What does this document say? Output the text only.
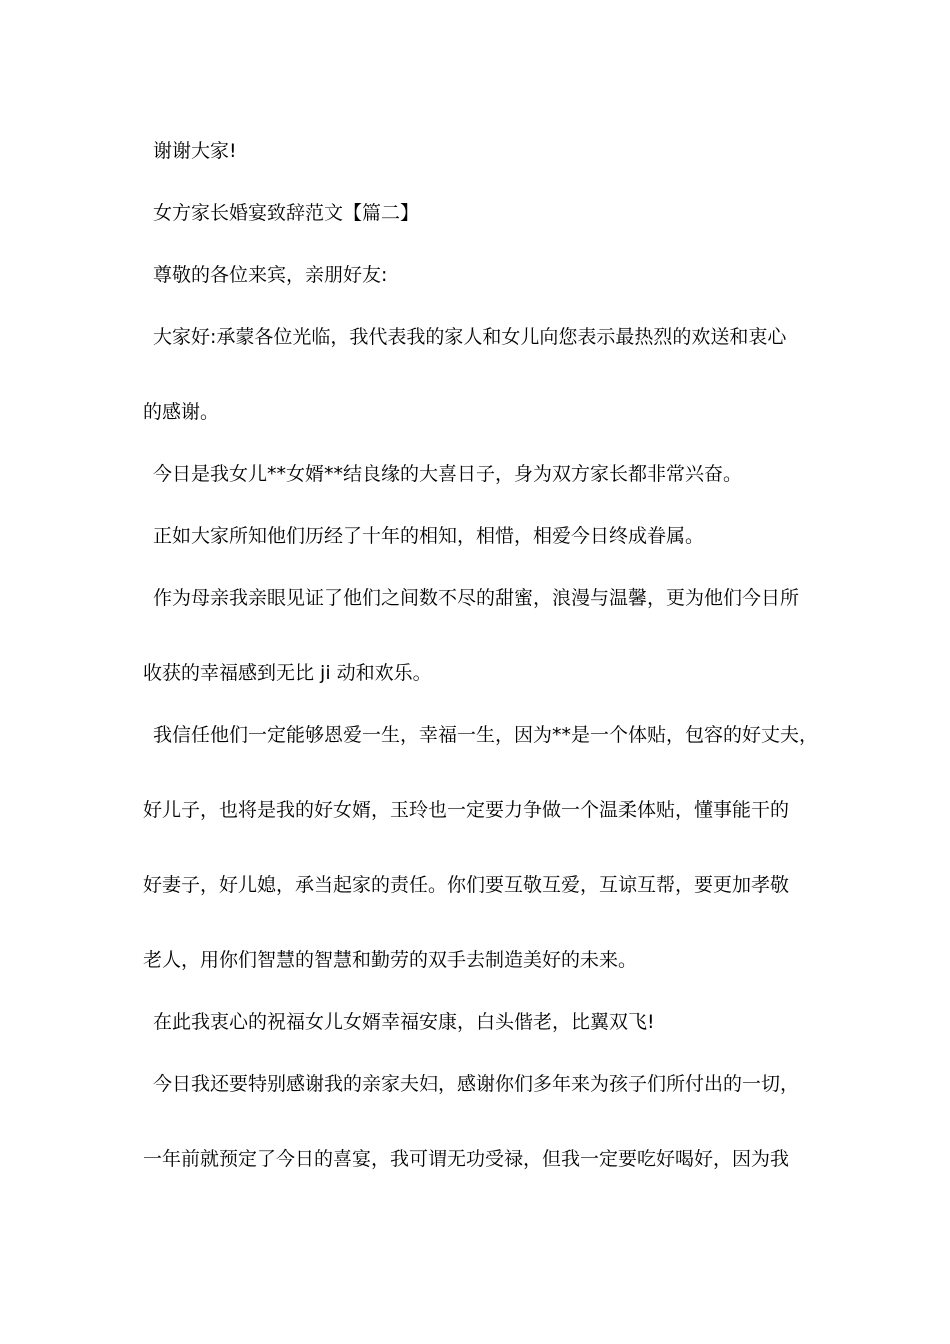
谢谢大家!
女方家长婚宴致辞范文【篇二】
尊敬的各位来宾，亲朋好友:
大家好:承蒙各位光临，我代表我的家人和女儿向您表示最热烈的欢送和衷心
的感谢。
今日是我女儿**女婿**结良缘的大喜日子，身为双方家长都非常兴奋。
正如大家所知他们历经了十年的相知，相惜，相爱今日终成眷属。
作为母亲我亲眼见证了他们之间数不尽的甜蜜，浪漫与温馨，更为他们今日所
收获的幸福感到无比 ji 动和欢乐。
我信任他们一定能够恩爱一生，幸福一生，因为**是一个体贴，包容的好丈夫，
好儿子，也将是我的好女婿，玉玲也一定要力争做一个温柔体贴，懂事能干的
好妻子，好儿媳，承当起家的责任。你们要互敬互爱，互谅互帮，要更加孝敬
老人，用你们智慧的智慧和勤劳的双手去制造美好的未来。
在此我衷心的祝福女儿女婿幸福安康，白头偕老，比翼双飞!
今日我还要特别感谢我的亲家夫妇，感谢你们多年来为孩子们所付出的一切，
一年前就预定了今日的喜宴，我可谓无功受禄，但我一定要吃好喝好，因为我
